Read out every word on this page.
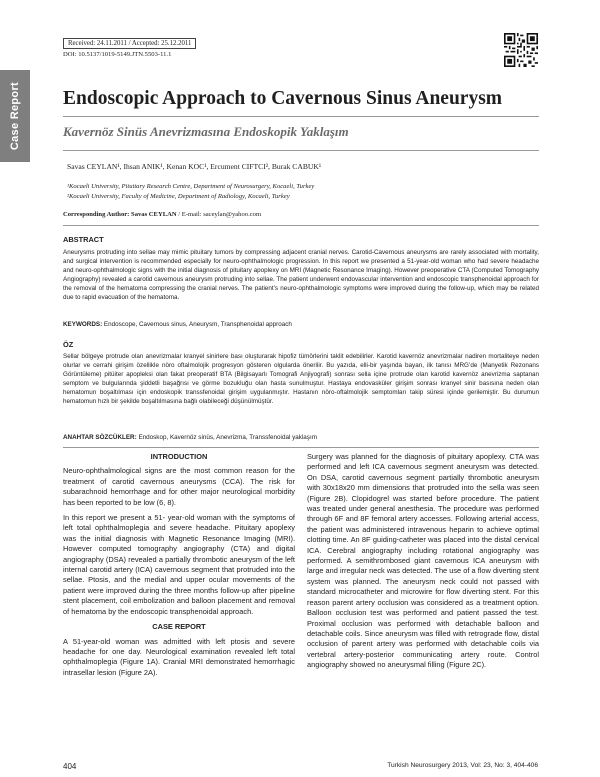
Case Report
Received: 24.11.2011 / Accepted: 25.12.2011
DOI: 10.5137/1019-5149.JTN.5503-11.1
Endoscopic Approach to Cavernous Sinus Aneurysm
Kavernöz Sinüs Anevrizmasına Endoskopik Yaklaşım
Savas CEYLAN¹, Ihsan ANIK¹, Kenan KOC¹, Ercument CIFTCI², Burak CABUK¹
¹Kocaeli University, Pituitary Research Centre, Department of Neurosurgery, Kocaeli, Turkey
²Kocaeli University, Faculty of Medicine, Department of Radiology, Kocaeli, Turkey
Corresponding Author: Savas CEYLAN / E-mail: saceylan@yahoo.com
ABSTRACT
Aneurysms protruding into sellae may mimic pituitary tumors by compressing adjacent cranial nerves. Carotid-Cavernous aneurysms are rarely associated with mortality, and surgical intervention is recommended especially for neuro-ophthalmologic progression. In this report we presented a 51-year-old woman who had severe headache and neuro-ophthalmologic signs with the initial diagnosis of pituitary apoplexy on MRI (Magnetic Resonance Imaging). However preoperative CTA (Computed Tomography Angiography) revealed a carotid cavernous aneurysm protruding into sellae. The patient underwent endovascular intervention and endoscopic transphenoidal approach for the removal of the hematoma compressing the cranial nerves. The patient’s neuro-ophthalmologic symptoms were improved during the follow-up, which may be related due to rapid evacuation of the hematoma.
KEYWORDS: Endoscope, Cavernous sinus, Aneurysm, Transphenoidal approach
ÖZ
Sellar bölgeye protrude olan anevrizmalar kranyel sinirlere bası oluşturarak hipofiz tümörlerini taklit edebilirler. Karotid kavernöz anevrizmalar nadiren mortaliteye neden olurlar ve cerrahi girişim özellikle nöro oftalmolojik progresyon gösteren olgularda önerilir. Bu yazıda, elli-bir yaşında bayan, ilk tanısı MRG’de (Manyetik Rezonans Görüntüleme) pitüiter apopleksi olan fakat preoperatif BTA (Bilgisayarlı Tomografi Anjiyografi) sonrası sella içine protrude olan karotid kavernöz anevrizma saptanan semptom ve bulgularında şiddetli başağrısı ve görme bozukluğu olan hasta sunulmuştur. Hastaya endovasküler girişim sonrası kranyel sinir basısına neden olan hematomun boşaltılması için endoskopik transsfenoidal girişim uygulanmıştır. Hastanın nöro-oftalmolojik semptomları takip süresi içinde gerilemiştir. Bu durumun hematomun hızlı bir şekilde boşaltılmasına bağlı olabileceği düşünülmüştür.
ANAHTAR SÖZCÜKLER: Endoskop, Kavernöz sinüs, Anevrizma, Transsfenoidal yaklaşım
INTRODUCTION

Neuro-ophthalmological signs are the most common reason for the treatment of carotid cavernous aneurysms (CCA). The risk for subarachnoid hemorrhage and for other major neurological morbidity has been reported to be low (6, 8).

In this report we present a 51- year-old woman with the symptoms of left total ophthalmoplegia and severe headache. Pituitary apoplexy was the initial diagnosis with Magnetic Resonance Imaging (MRI). However computed tomography angiography (CTA) and digital angiography (DSA) revealed a partially thrombotic aneurysm of the left internal carotid artery (ICA) cavernous segment that protruded into the sellae. Ptosis, and the medial and upper ocular movements of the patient were improved during the three months follow-up after pipeline stent placement, coil embolization and balloon placement and removal of hematoma by the endoscopic transphenoidal approach.

CASE REPORT

A 51-year-old woman was admitted with left ptosis and severe headache for one day. Neurological examination revealed left total ophthalmoplegia (Figure 1A). Cranial MRI demonstrated hemorrhagic intrasellar lesion (Figure 2A).

Surgery was planned for the diagnosis of pituitary apoplexy. CTA was performed and left ICA cavernous segment aneurysm was detected. On DSA, carotid cavernous segment partially thrombotic aneurysm with 30x18x20 mm dimensions that protruded into the sella was seen (Figure 2B). Clopidogrel was started before procedure. The patient was treated under general anesthesia. The procedure was performed through 6F and 8F femoral artery accesses. Following arterial access, the patient was administered intravenous heparin to achieve optimal clotting time. An 8F guiding-catheter was placed into the distal cervical ICA. Cerebral angiography including rotational angiography was performed. A semithrombosed giant cavernous ICA aneurysm with large and irregular neck was detected. The use of a flow diverting stent system was planned. The aneurysm neck could not passed with standard microcatheter and microwire for flow diverting stent. For this reason parent artery occlusion was considered as a treatment option. Balloon occlusion test was performed and patient passed the test. Proximal occlusion was performed with detachable balloon and detachable coils. Since aneurysm was filled with retrograde flow, distal occlusion of parent artery was performed with detachable coils via vertebral artery-posterior communicating artery route. Control angiography showed no aneurysmal filling (Figure 2C).

404	Turkish Neurosurgery 2013, Vol: 23, No: 3, 404-406
